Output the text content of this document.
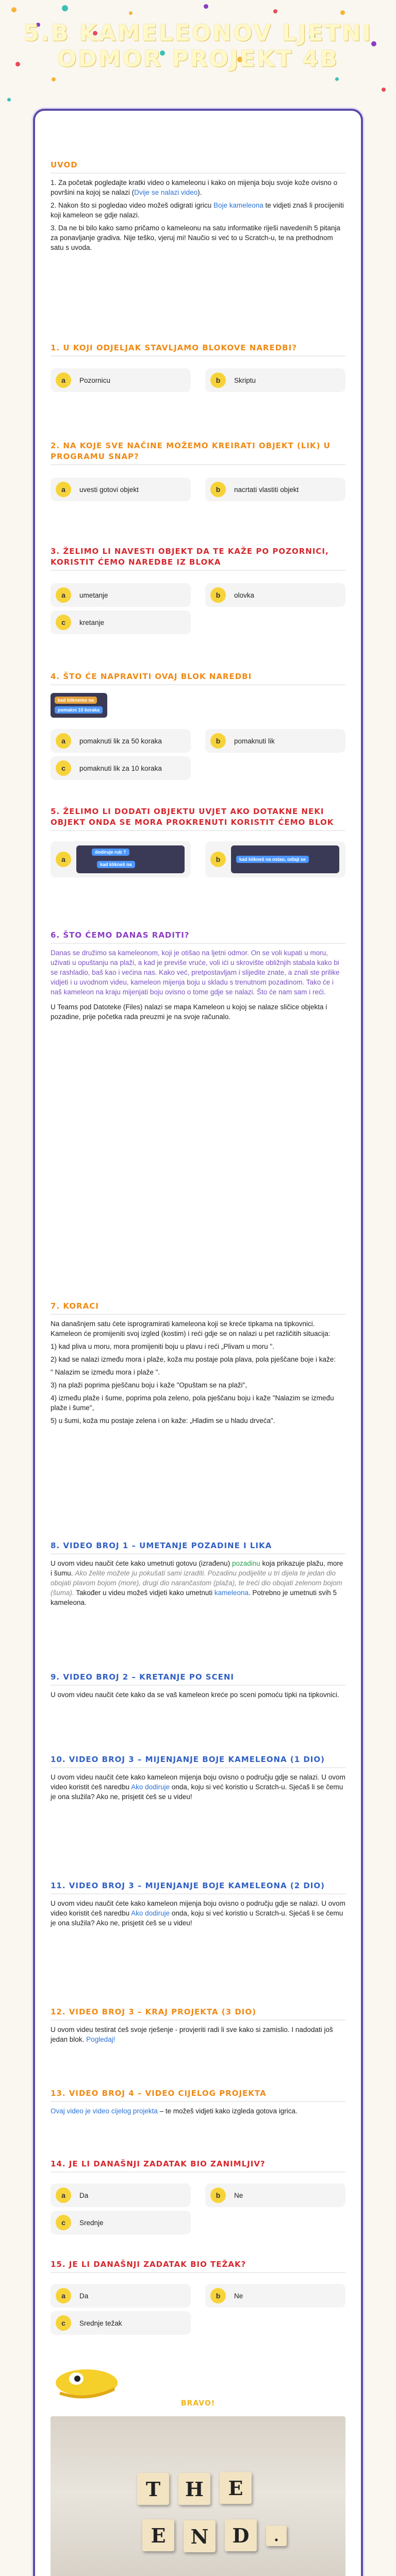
5.B KAMELEONOV LJETNI ODMOR PROJEKT 4B
UVOD

1. Za početak pogledajte kratki video o kameleonu i kako on mijenja boju svoje kože ovisno o površini na kojoj se nalazi (Dvije se nalazi video).

2. Nakon što si pogledao video možeš odigrati igricu Boje kameleona te vidjeti znaš li procijeniti koji kameleon se gdje nalazi.

3. Da ne bi bilo kako samo pričamo o kameleonu na satu informatike riješi navedenih 5 pitanja za ponavljanje gradiva. Nije teško, vjeruj mi! Naučio si već to u Scratch-u, te na prethodnom satu s uvoda.

1. U KOJI ODJELJAK STAVLJAMO BLOKOVE NAREDBI?
a	Pozornicu	b	Skriptu
2. NA KOJE SVE NAČINE MOŽEMO KREIRATI OBJEKT (LIK) U PROGRAMU SNAP?
a	uvesti gotovi objekt	b	nacrtati vlastiti objekt
3. ŽELIMO LI NAVESTI OBJEKT DA TE KAŽE PO POZORNICI, KORISTIT ĆEMO NAREDBE IZ BLOKA
a	umetanje	b	olovka
c	kretanje
4. ŠTO ĆE NAPRAVITI OVAJ BLOK NAREDBI
kad kliknemo na
pomakni 10 koraka
a	pomaknuti lik za 50 koraka	b	pomaknuti lik
c	pomaknuti lik za 10 koraka
5. ŽELIMO LI DODATI OBJEKTU UVJET AKO DOTAKNE NEKI OBJEKT ONDA SE MORA PROKRENUTI KORISTIT ĆEMO BLOK
a
dodiruje rub ?
kad klikneš na
b	kad klikneš na ostao, odlaji se
6. ŠTO ĆEMO DANAS RADITI?

Danas se družimo sa kameleonom, koji je otišao na ljetni odmor. On se voli kupati u moru, uživati u opuštanju na plaži, a kad je previše vruće, voli ići u skrovište obližnjih stabala kako bi se rashladio, baš kao i većina nas. Kako već, pretpostavljam i slijedite znate, a znali ste prilike vidjeti i u uvodnom videu, kameleon mijenja boju u skladu s trenutnom pozadinom. Tako će i naš kameleon na kraju mijenjati boju ovisno o tome gdje se nalazi. Što će nam sam i reći.

U Teams pod Datoteke (Files) nalazi se mapa Kameleon u kojoj se nalaze sličice objekta i pozadine, prije početka rada preuzmi je na svoje računalo.

7. KORACI

Na današnjem satu ćete isprogramirati kameleona koji se kreće tipkama na tipkovnici. Kameleon će promijeniti svoj izgled (kostim) i reći gdje se on nalazi u pet različitih situacija:

1) kad pliva u moru, mora promijeniti boju u plavu i reći „Plivam u moru ".

2) kad se nalazi između mora i plaže, koža mu postaje pola plava, pola pješčane boje i kaže:

" Nalazim se između mora i plaže ".

3) na plaži poprima pješčanu boju i kaže "Opuštam se na plaži",

4) između plaže i šume, poprima pola zeleno, pola pješčanu boju i kaže "Nalazim se između plaže i šume",

5) u šumi, koža mu postaje zelena i on kaže: „Hladim se u hladu drveća".

8. VIDEO BROJ 1 – UMETANJE POZADINE I LIKA

U ovom videu naučit ćete kako umetnuti gotovu (izrađenu) pozadinu koja prikazuje plažu, more i šumu. Ako želite možete ju pokušati sami izraditi. Pozadinu podijelite u tri dijela te jedan dio obojati plavom bojom (more), drugi dio narančastom (plaža), te treći dio obojati zelenom bojom (šuma). Također u videu možeš vidjeti kako umetnuti kameleona. Potrebno je umetnuti svih 5 kameleona.

9. VIDEO BROJ 2 – KRETANJE PO SCENI

U ovom videu naučit ćete kako da se vaš kameleon kreće po sceni pomoću tipki na tipkovnici.

10. VIDEO BROJ 3 – MIJENJANJE BOJE KAMELEONA (1 DIO)

U ovom videu naučit ćete kako kameleon mijenja boju ovisno o području gdje se nalazi. U ovom video koristit ćeš naredbu Ako dodiruje onda, koju si već koristio u Scratch-u. Sjećaš li se čemu je ona služila? Ako ne, prisjetit ćeš se u videu!

11. VIDEO BROJ 3 – MIJENJANJE BOJE KAMELEONA (2 DIO)

U ovom videu naučit ćete kako kameleon mijenja boju ovisno o području gdje se nalazi. U ovom video koristit ćeš naredbu Ako dodiruje onda, koju si već koristio u Scratch-u. Sjećaš li se čemu je ona služila? Ako ne, prisjetit ćeš se u videu!

12. VIDEO BROJ 3 – KRAJ PROJEKTA (3 DIO)

U ovom videu testirat ćeš svoje rješenje - provjeriti radi li sve kako si zamislio. I nadodati još jedan blok. Pogledaj!

13. VIDEO BROJ 4 – VIDEO CIJELOG PROJEKTA

Ovaj video je video cijelog projekta – te možeš vidjeti kako izgleda gotova igrica.

14. JE LI DANAŠNJI ZADATAK BIO ZANIMLJIV?
a	Da	b	Ne
c	Srednje
15. JE LI DANAŠNJI ZADATAK BIO TEŽAK?
a	Da	b	Ne
c	Srednje težak
BRAVO!
T	H	E
E	N	D	.
